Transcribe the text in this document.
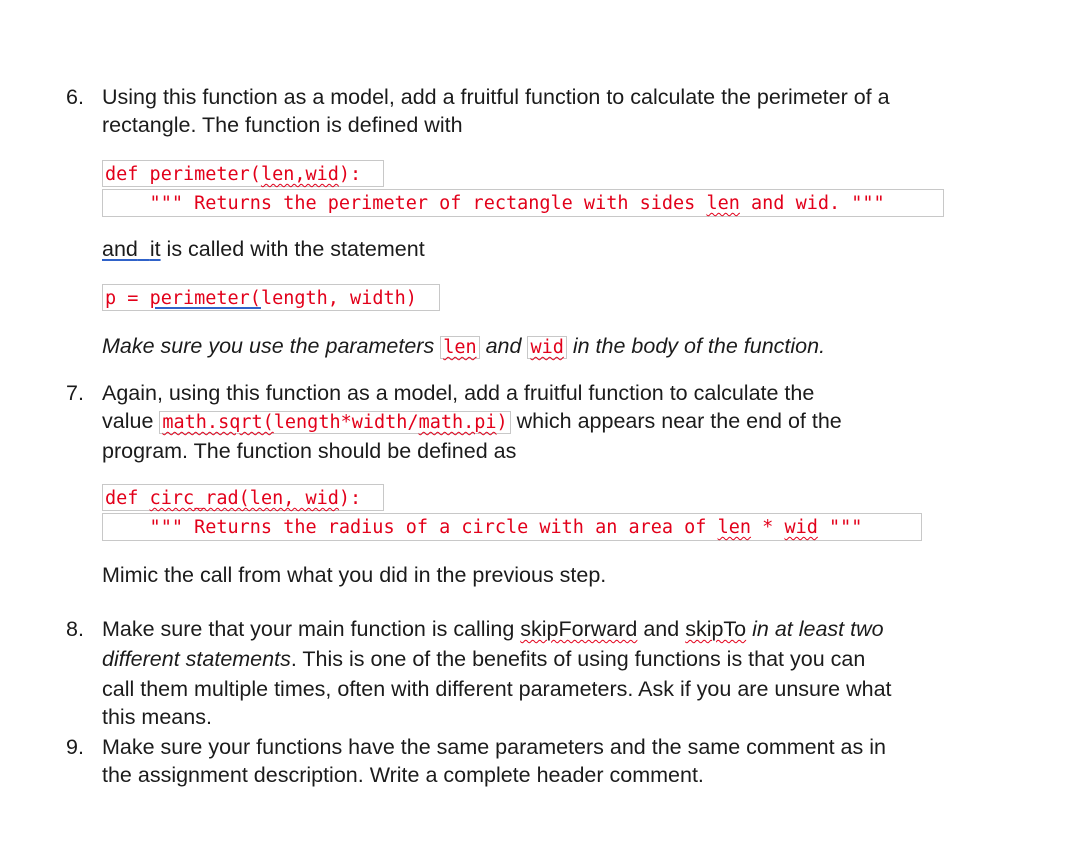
6. Using this function as a model, add a fruitful function to calculate the perimeter of a
rectangle. The function is defined with
def perimeter(len,wid):
""" Returns the perimeter of rectangle with sides len and wid. """
and it is called with the statement
p = perimeter(length, width)
Make sure you use the parameters len and wid in the body of the function.
7. Again, using this function as a model, add a fruitful function to calculate the
value math.sqrt(length*width/math.pi) which appears near the end of the
program. The function should be defined as
def circ_rad(len, wid):
""" Returns the radius of a circle with an area of len * wid """
Mimic the call from what you did in the previous step.
8. Make sure that your main function is calling skipForward and skipTo in at least two
different statements. This is one of the benefits of using functions is that you can
call them multiple times, often with different parameters. Ask if you are unsure what
this means.
9. Make sure your functions have the same parameters and the same comment as in
the assignment description. Write a complete header comment.
